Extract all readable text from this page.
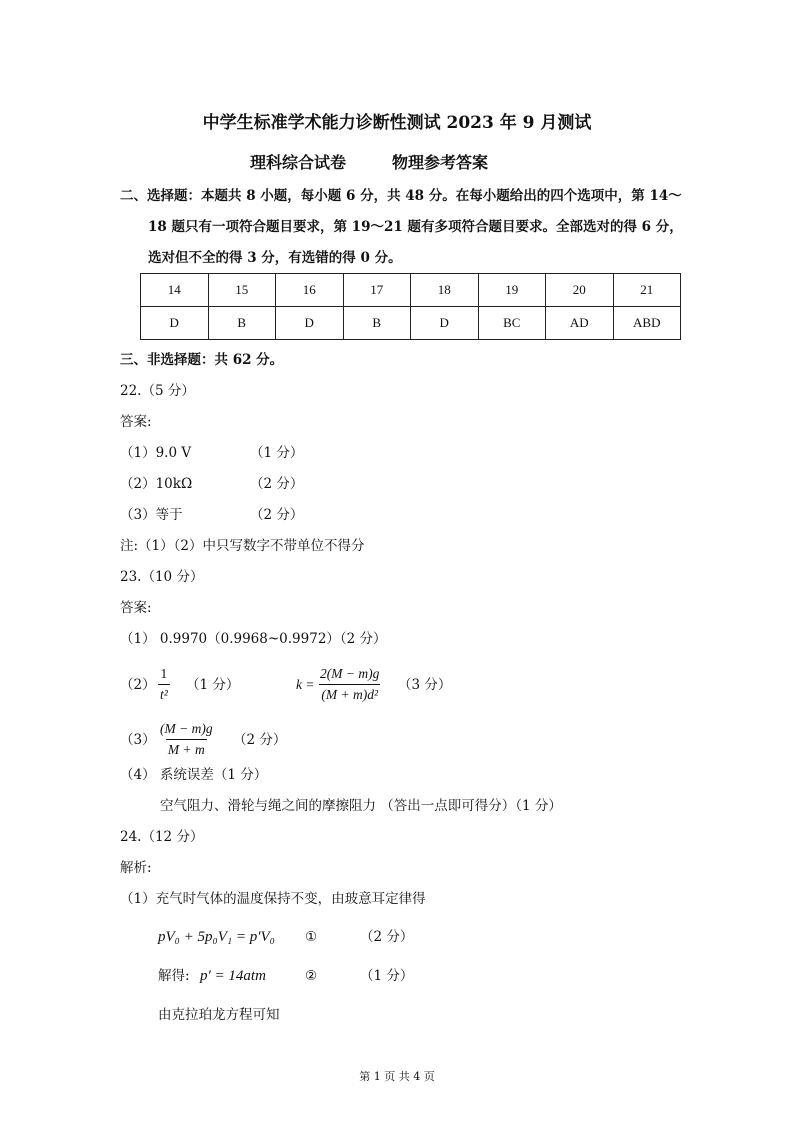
中学生标准学术能力诊断性测试 2023 年 9 月测试
理科综合试卷	物理参考答案
二、选择题：本题共 8 小题，每小题 6 分，共 48 分。在每小题给出的四个选项中，第 14～
18 题只有一项符合题目要求，第 19～21 题有多项符合题目要求。全部选对的得 6 分，
选对但不全的得 3 分，有选错的得 0 分。
14	15	16	17	18	19	20	21
D	B	D	B	D	BC	AD	ABD
三、非选择题：共 62 分。
22.（5 分）
答案:
（1）9.0 V	（1 分）
（2）10kΩ	（2 分）
（3）等于	（2 分）
注:（1）（2）中只写数字不带单位不得分
23.（10 分）
答案:
（1） 0.9970（0.9968~0.9972）（2 分）
$(2) \frac{1}{\text{t²}} (1$ 分）	$k = \frac{2(M - m)g}{\text{(M + m)d²}} (3$ 分）
$(3) \frac{(M - m)g}{M + m} (2$ 分）
（4） 系统误差（1 分）
空气阻力、滑轮与绳之间的摩擦阻力 （答出一点即可得分）（1 分）
24.（12 分）
解析:
（1）充气时气体的温度保持不变，由玻意耳定律得
pV₀ + 5p₀V₁ = p′V₀ ①	（2 分）
解得: p′ = 14atm	②	（1 分）
由克拉珀龙方程可知
第 1 页 共 4 页
